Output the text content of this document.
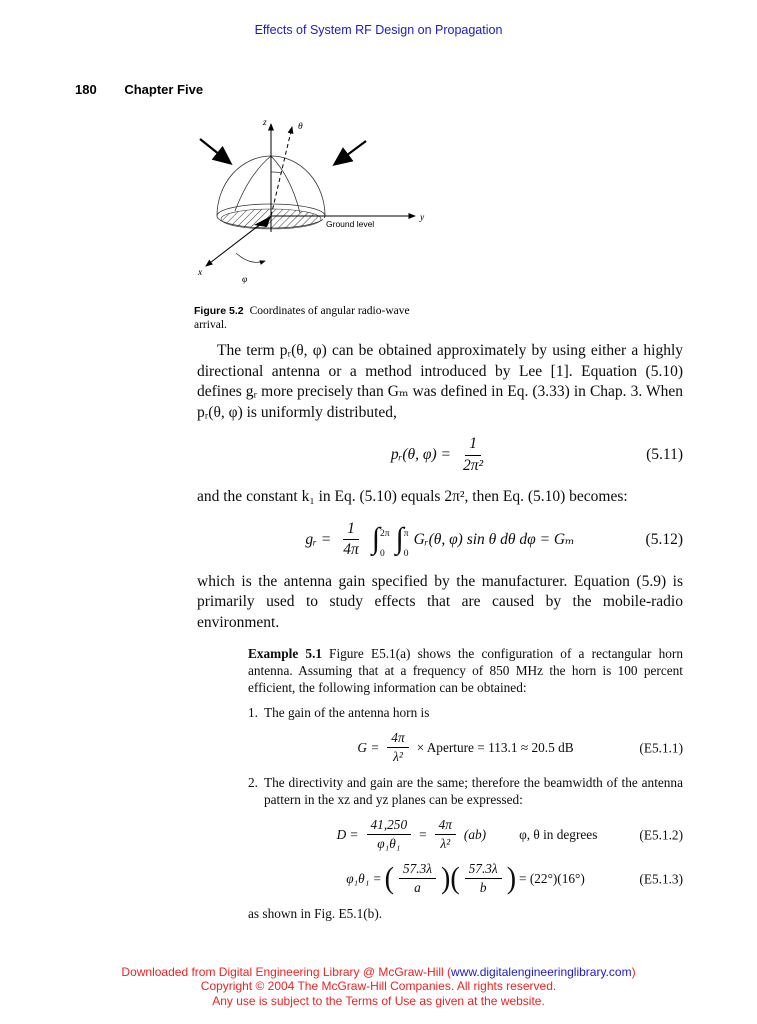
Effects of System RF Design on Propagation
180 Chapter Five
z	θ
y
Ground level
x
φ
Figure 5.2 Coordinates of angular radio-wave arrival.

The term pᵣ(θ, φ) can be obtained approximately by using either a highly directional antenna or a method introduced by Lee [1]. Equation (5.10) defines gᵣ more precisely than Gₘ was defined in Eq. (3.33) in Chap. 3. When pᵣ(θ, φ) is uniformly distributed,

pᵣ(θ, $\varphi) = \frac{1}{\text{2π²}}$	(5.11)

and the constant k₁ in Eq. (5.10) equals 2π², then Eq. (5.10) becomes:

gᵣ = $\frac{1}{4\pi}$ ∫ 2π
0 ∫ π
0
Gᵣ(θ, φ) sin θ dθ dφ = Gₘ	(5.12)

which is the antenna gain specified by the manufacturer. Equation (5.9) is primarily used to study effects that are caused by the mobile-radio environment.

Example 5.1 Figure E5.1(a) shows the configuration of a rectangular horn antenna. Assuming that at a frequency of 850 MHz the horn is 100 percent efficient, the following information can be obtained:
1. The gain of the antenna horn is
$G = \frac{4\pi}{\text{λ²}}$ × Aperture = 113.1 ≈ 20.5 dB	(E5.1.1)
2. The directivity and gain are the same; therefore the beamwidth of the antenna pattern in the xz and yz planes can be expressed:
$D = \frac{41,250}{\text{φ₁θ₁}} = \frac{4\pi}{\text{λ²}} (ab)$ φ, θ in degrees	(E5.1.2)
φ₁θ₁ = ( $\frac{57.3\lambda}{a}$ ) ( $\frac{57.3\lambda}{b}$ ) = (22°)(16°)	(E5.1.3)
as shown in Fig. E5.1(b).
Downloaded from Digital Engineering Library @ McGraw-Hill (www.digitalengineeringlibrary.com)
Copyright © 2004 The McGraw-Hill Companies. All rights reserved.
Any use is subject to the Terms of Use as given at the website.
